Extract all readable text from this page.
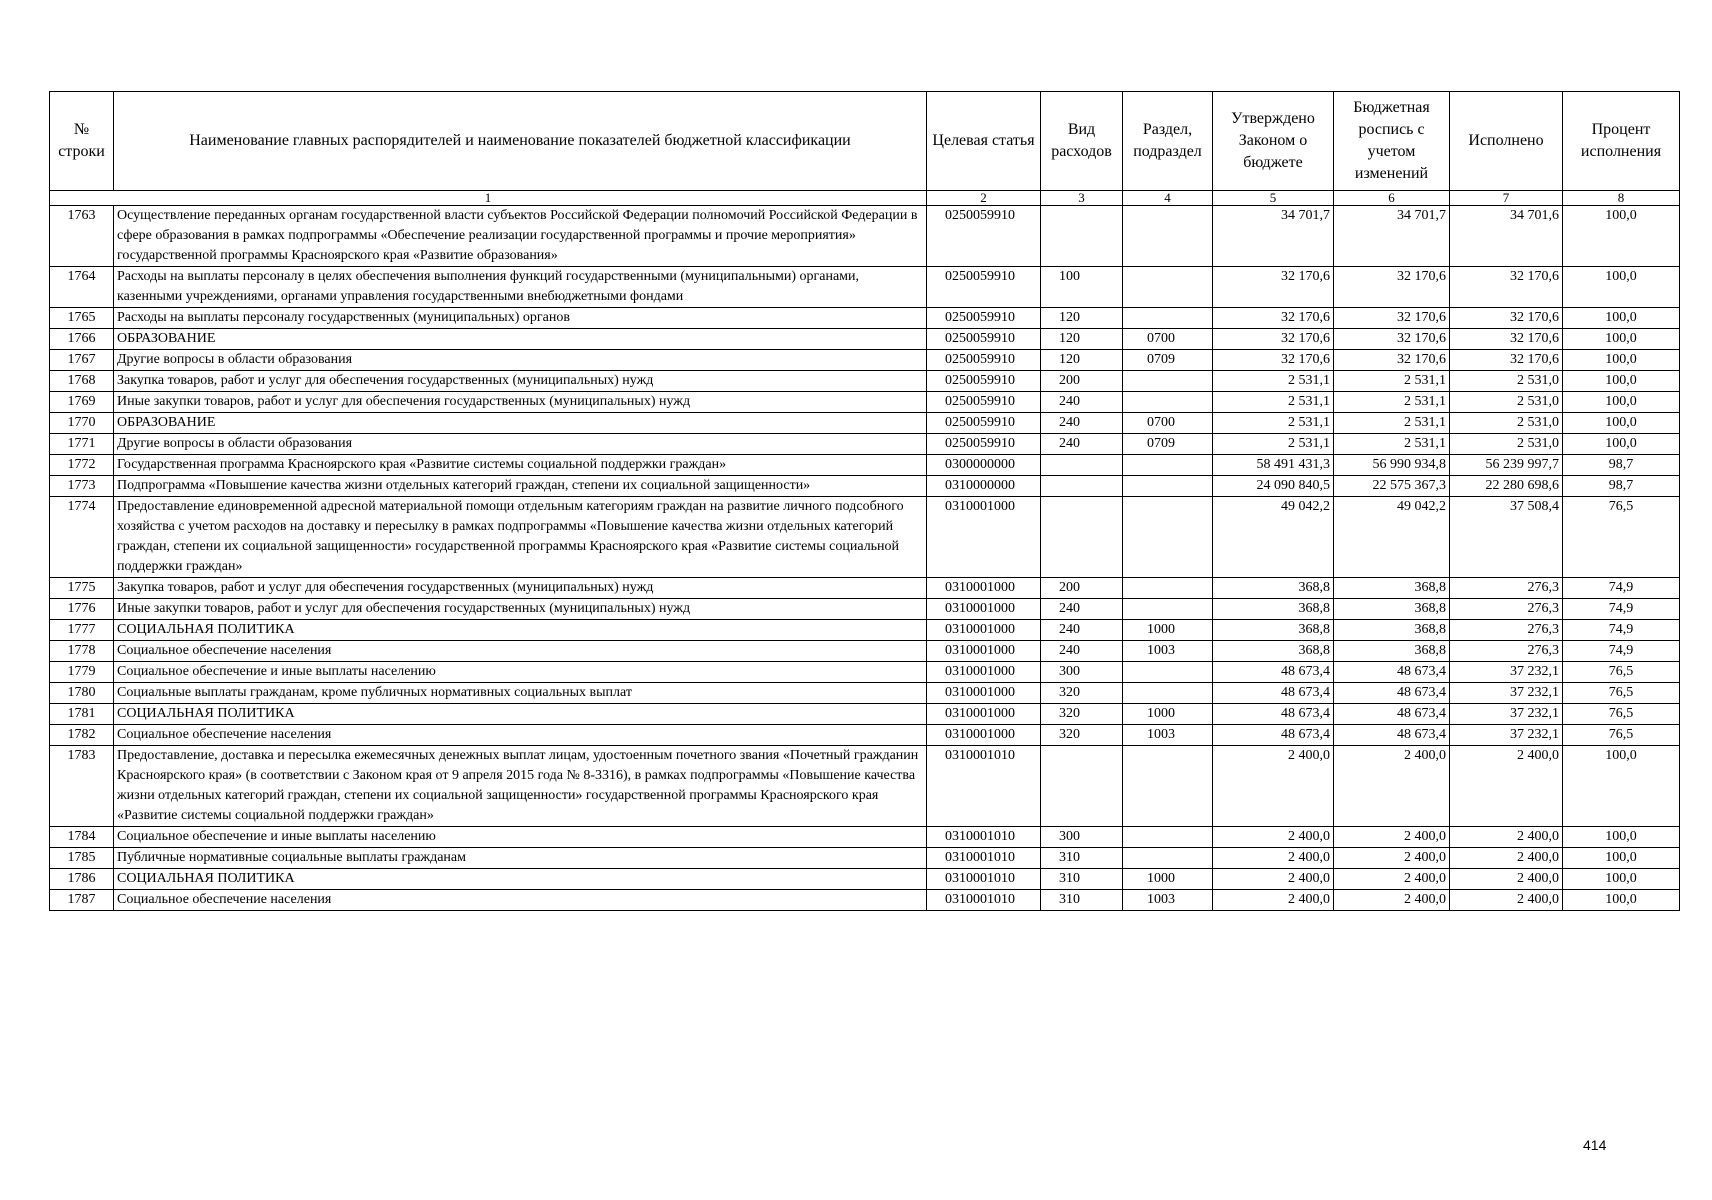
№ строки	Наименование главных распорядителей и наименование показателей бюджетной классификации	Целевая статья	Вид расходов	Раздел, подраздел	Утверждено Законом о бюджете	Бюджетная роспись с учетом изменений	Исполнено	Процент исполнения
1		2	3	4	5	6	7	8
1763	Осуществление переданных органам государственной власти субъектов Российской Федерации полномочий Российской Федерации в сфере образования в рамках подпрограммы «Обеспечение реализации государственной программы и прочие мероприятия» государственной программы Красноярского края «Развитие образования»	0250059910			34 701,7	34 701,7	34 701,6	100,0
1764	Расходы на выплаты персоналу в целях обеспечения выполнения функций государственными (муниципальными) органами, казенными учреждениями, органами управления государственными внебюджетными фондами	0250059910	100		32 170,6	32 170,6	32 170,6	100,0
1765	Расходы на выплаты персоналу государственных (муниципальных) органов	0250059910	120		32 170,6	32 170,6	32 170,6	100,0
1766	ОБРАЗОВАНИЕ	0250059910	120	0700	32 170,6	32 170,6	32 170,6	100,0
1767	Другие вопросы в области образования	0250059910	120	0709	32 170,6	32 170,6	32 170,6	100,0
1768	Закупка товаров, работ и услуг для обеспечения государственных (муниципальных) нужд	0250059910	200		2 531,1	2 531,1	2 531,0	100,0
1769	Иные закупки товаров, работ и услуг для обеспечения государственных (муниципальных) нужд	0250059910	240		2 531,1	2 531,1	2 531,0	100,0
1770	ОБРАЗОВАНИЕ	0250059910	240	0700	2 531,1	2 531,1	2 531,0	100,0
1771	Другие вопросы в области образования	0250059910	240	0709	2 531,1	2 531,1	2 531,0	100,0
1772	Государственная программа Красноярского края «Развитие системы социальной поддержки граждан»	0300000000			58 491 431,3	56 990 934,8	56 239 997,7	98,7
1773	Подпрограмма «Повышение качества жизни отдельных категорий граждан, степени их социальной защищенности»	0310000000			24 090 840,5	22 575 367,3	22 280 698,6	98,7
1774	Предоставление единовременной адресной материальной помощи отдельным категориям граждан на развитие личного подсобного хозяйства с учетом расходов на доставку и пересылку в рамках подпрограммы «Повышение качества жизни отдельных категорий граждан, степени их социальной защищенности» государственной программы Красноярского края «Развитие системы социальной поддержки граждан»	0310001000			49 042,2	49 042,2	37 508,4	76,5
1775	Закупка товаров, работ и услуг для обеспечения государственных (муниципальных) нужд	0310001000	200		368,8	368,8	276,3	74,9
1776	Иные закупки товаров, работ и услуг для обеспечения государственных (муниципальных) нужд	0310001000	240		368,8	368,8	276,3	74,9
1777	СОЦИАЛЬНАЯ ПОЛИТИКА	0310001000	240	1000	368,8	368,8	276,3	74,9
1778	Социальное обеспечение населения	0310001000	240	1003	368,8	368,8	276,3	74,9
1779	Социальное обеспечение и иные выплаты населению	0310001000	300		48 673,4	48 673,4	37 232,1	76,5
1780	Социальные выплаты гражданам, кроме публичных нормативных социальных выплат	0310001000	320		48 673,4	48 673,4	37 232,1	76,5
1781	СОЦИАЛЬНАЯ ПОЛИТИКА	0310001000	320	1000	48 673,4	48 673,4	37 232,1	76,5
1782	Социальное обеспечение населения	0310001000	320	1003	48 673,4	48 673,4	37 232,1	76,5
1783	Предоставление, доставка и пересылка ежемесячных денежных выплат лицам, удостоенным почетного звания «Почетный гражданин Красноярского края» (в соответствии с Законом края от 9 апреля 2015 года № 8-3316), в рамках подпрограммы «Повышение качества жизни отдельных категорий граждан, степени их социальной защищенности» государственной программы Красноярского края «Развитие системы социальной поддержки граждан»	0310001010			2 400,0	2 400,0	2 400,0	100,0
1784	Социальное обеспечение и иные выплаты населению	0310001010	300		2 400,0	2 400,0	2 400,0	100,0
1785	Публичные нормативные социальные выплаты гражданам	0310001010	310		2 400,0	2 400,0	2 400,0	100,0
1786	СОЦИАЛЬНАЯ ПОЛИТИКА	0310001010	310	1000	2 400,0	2 400,0	2 400,0	100,0
1787	Социальное обеспечение населения	0310001010	310	1003	2 400,0	2 400,0	2 400,0	100,0
414
